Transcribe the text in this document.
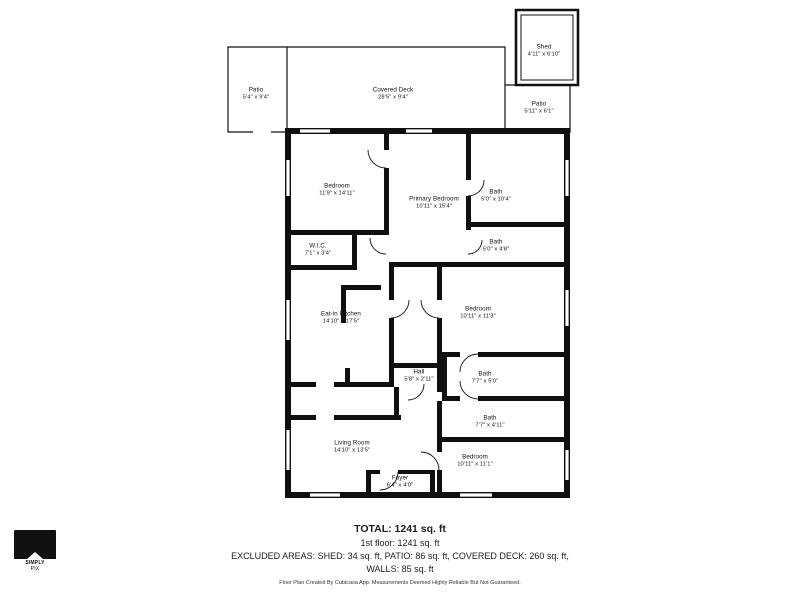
Shed
4'11" x 6'10"
Patio
5'4" x 9'4"
Covered Deck
28'5" x 9'4"
Patio
5'11" x 6'1"
Bedroom
11'9" x 14'11"
Primary Bedroom
10'11" x 15'4"
Bath
5'0" x 10'4"
W.I.C.
7'1" x 3'4"
Bath
5'0" x 4'8"
Eat-in Kitchen
14'10" x 17'5"
Bedroom
10'11" x 11'3"
Hall
5'8" x 2'11"
Bath
7'7" x 5'0"
Bath
7'7" x 4'11"
Living Room
14'10" x 13'5"
Bedroom
10'11" x 11'1"
Foyer
6'4" x 4'0"
TOTAL: 1241 sq. ft
1st floor: 1241 sq. ft
EXCLUDED AREAS: SHED: 34 sq. ft, PATIO: 86 sq. ft, COVERED DECK: 260 sq. ft,
WALLS: 85 sq. ft
Floor Plan Created By Cubicasa App. Measurements Deemed Highly Reliable But Not Guaranteed.
SIMPLY
PIX
